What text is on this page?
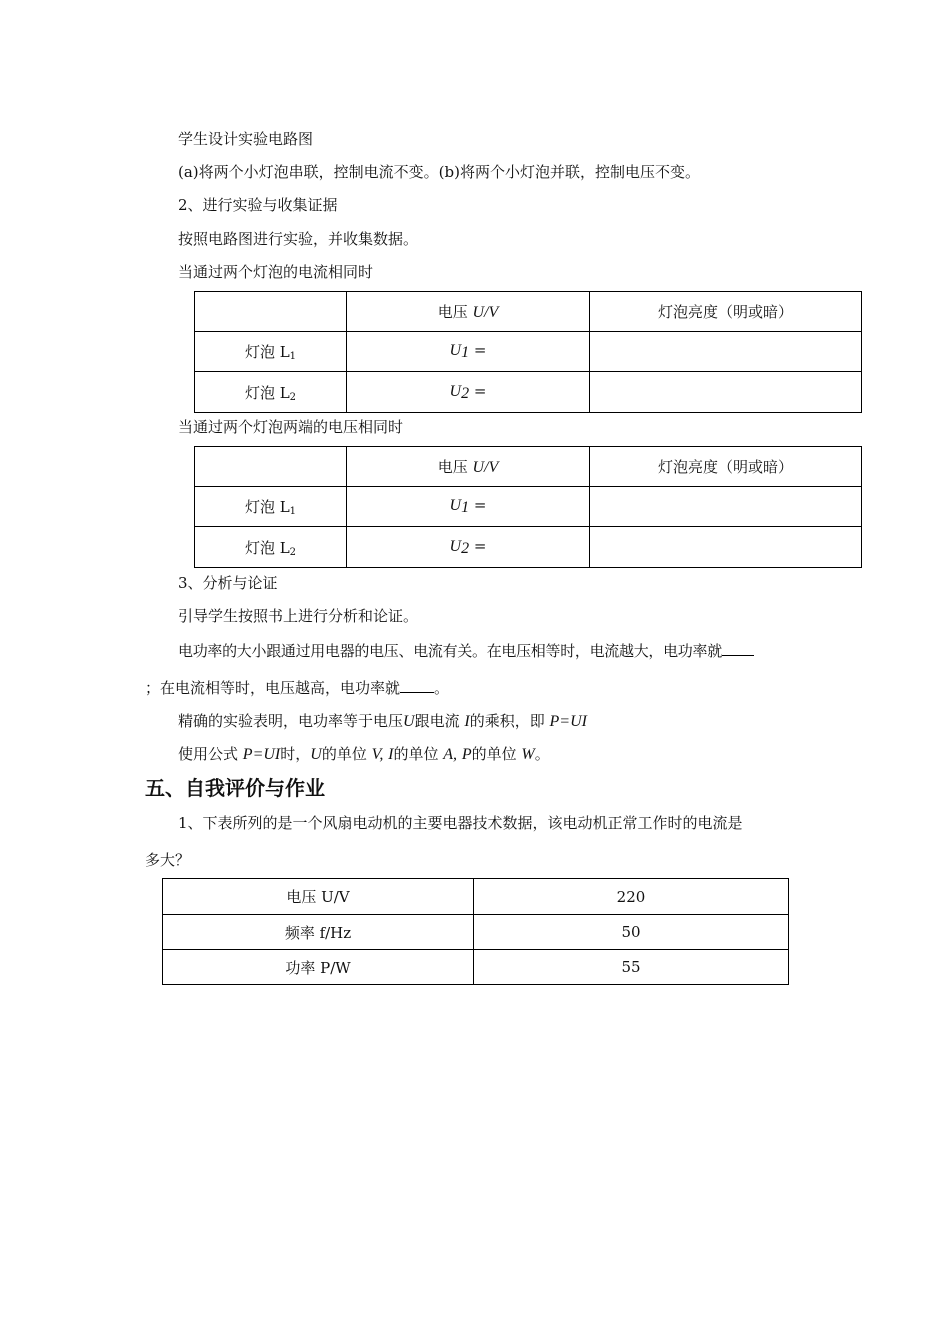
学生设计实验电路图
(a)将两个小灯泡串联，控制电流不变。(b)将两个小灯泡并联，控制电压不变。
2、进行实验与收集证据
按照电路图进行实验，并收集数据。
当通过两个灯泡的电流相同时
	电压 U/V	灯泡亮度（明或暗）
灯泡 $L_1$	$U_1$ =	
灯泡 $L_2$	$U_2$ =	
当通过两个灯泡两端的电压相同时
	电压 U/V	灯泡亮度（明或暗）
灯泡 $L_1$	$U_1$ =	
灯泡 $L_2$	$U_2$ =	
3、分析与论证
引导学生按照书上进行分析和论证。
电功率的大小跟通过用电器的电压、电流有关。在电压相等时，电流越大，电功率就
；在电流相等时，电压越高，电功率就 。
精确的实验表明，电功率等于电压U跟电流 I的乘积，即 P=UI
使用公式 P=UI时，U的单位 V, I的单位 A, P的单位 W。
五、自我评价与作业
1、下表所列的是一个风扇电动机的主要电器技术数据，该电动机正常工作时的电流是
多大？
电压 U/V	220
频率 f/Hz	50
功率 P/W	55
